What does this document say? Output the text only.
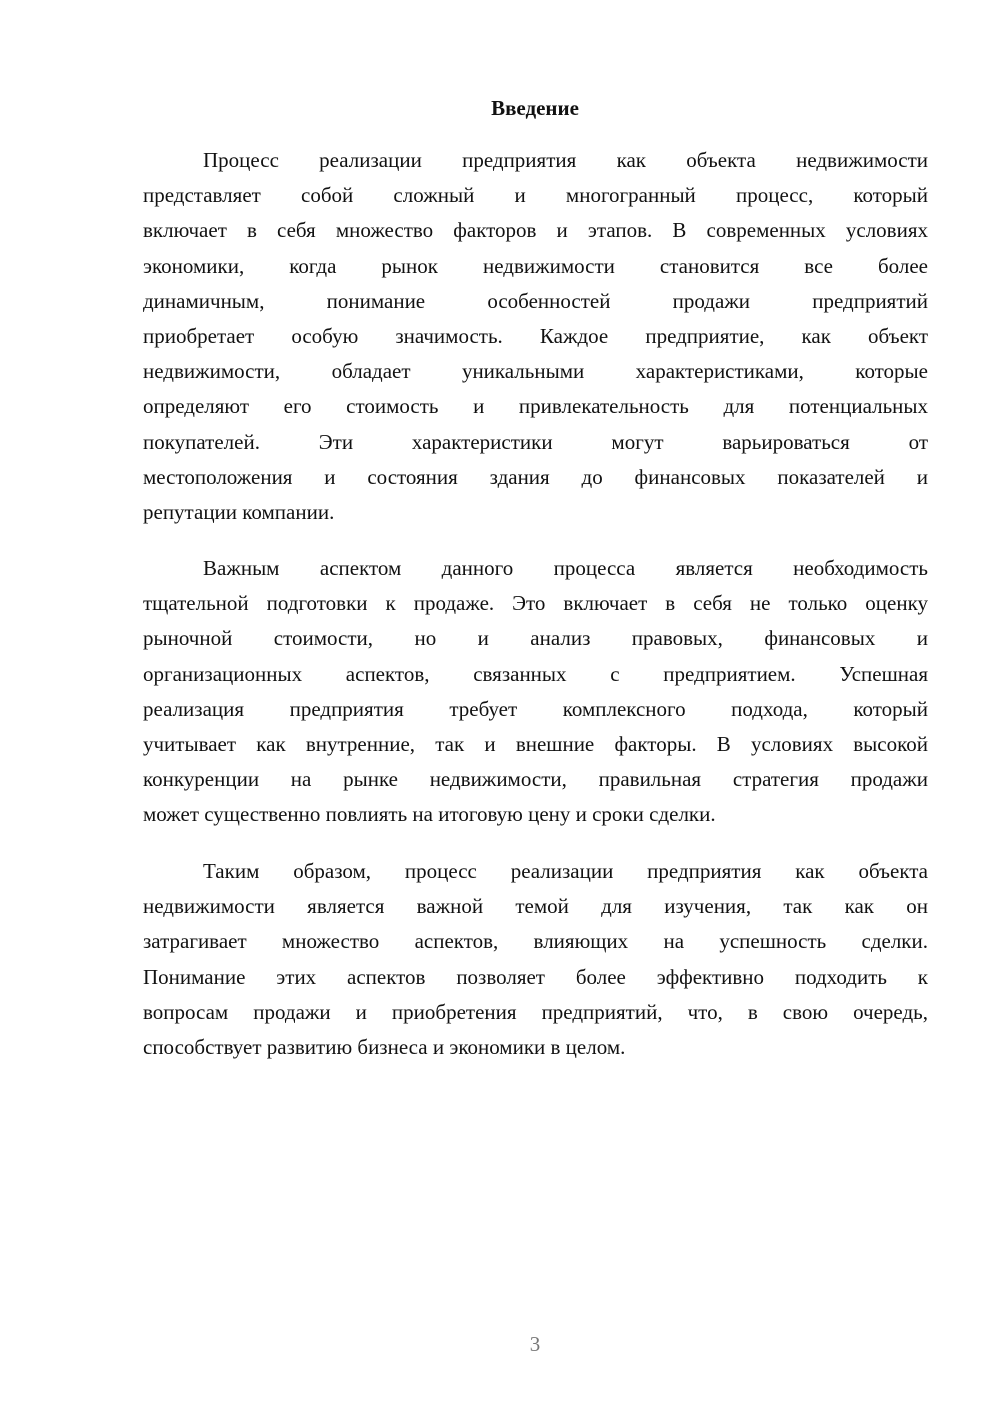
Введение
Процесс реализации предприятия как объекта недвижимости
представляет собой сложный и многогранный процесс, который
включает в себя множество факторов и этапов. В современных условиях
экономики, когда рынок недвижимости становится все более
динамичным, понимание особенностей продажи предприятий
приобретает особую значимость. Каждое предприятие, как объект
недвижимости, обладает уникальными характеристиками, которые
определяют его стоимость и привлекательность для потенциальных
покупателей. Эти характеристики могут варьироваться от
местоположения и состояния здания до финансовых показателей и
репутации компании.
Важным аспектом данного процесса является необходимость
тщательной подготовки к продаже. Это включает в себя не только оценку
рыночной стоимости, но и анализ правовых, финансовых и
организационных аспектов, связанных с предприятием. Успешная
реализация предприятия требует комплексного подхода, который
учитывает как внутренние, так и внешние факторы. В условиях высокой
конкуренции на рынке недвижимости, правильная стратегия продажи
может существенно повлиять на итоговую цену и сроки сделки.
Таким образом, процесс реализации предприятия как объекта
недвижимости является важной темой для изучения, так как он
затрагивает множество аспектов, влияющих на успешность сделки.
Понимание этих аспектов позволяет более эффективно подходить к
вопросам продажи и приобретения предприятий, что, в свою очередь,
способствует развитию бизнеса и экономики в целом.
3
